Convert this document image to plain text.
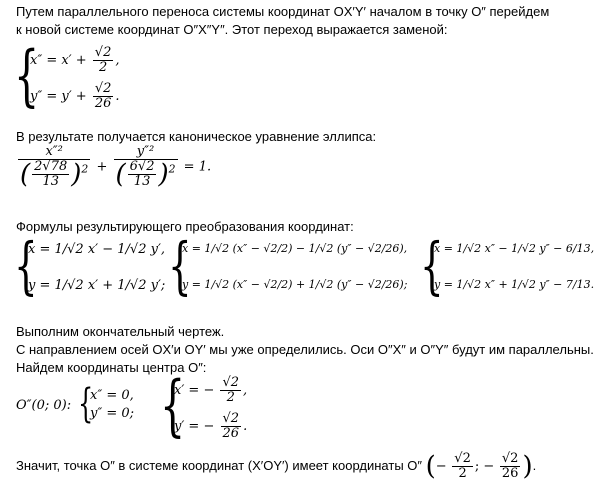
Путем параллельного переноса системы координат OX′Y′ началом в точку O″ перейдем
к новой системе координат O″X″Y″. Этот переход выражается заменой:
{
$x'' = x' + \frac{√2}{2}$ ,
$y'' = y' + \frac{√2}{26}$ .
В результате получается каноническое уравнение эллипса:
$\frac{\text{x″²}}{( \frac{2√78}{13} )^2} + \frac{\text{y″²}}{( \frac{6√2}{13} )^2} = 1$.
Формулы результирующего преобразования координат:
{
x = 1/√2 x′ − 1/√2 y′,
y = 1/√2 x′ + 1/√2 y′; {
x = 1/√2 (x″ − √2/2) − 1/√2 (y″ − √2/26),
y = 1/√2 (x″ − √2/2) + 1/√2 (y″ − √2/26); {
x = 1/√2 x″ − 1/√2 y″ − 6/13,
y = 1/√2 x″ + 1/√2 y″ − 7/13.
Выполним окончательный чертеж.
С направлением осей OX′и OY′ мы уже определились. Оси O″X″ и O″Y″ будут им параллельны.
Найдем координаты центра O″:
O″(0; 0): {
x″ = 0,
y″ = 0; {
x′ = − $\frac{√2}{2}$ ,
y′ = − $\frac{√2}{26}$ .
Значит, точка O″ в системе координат (X′OY′) имеет координаты O″ (− $\frac{√2}{2}$ ; − $\frac{√2}{26}$ ).
